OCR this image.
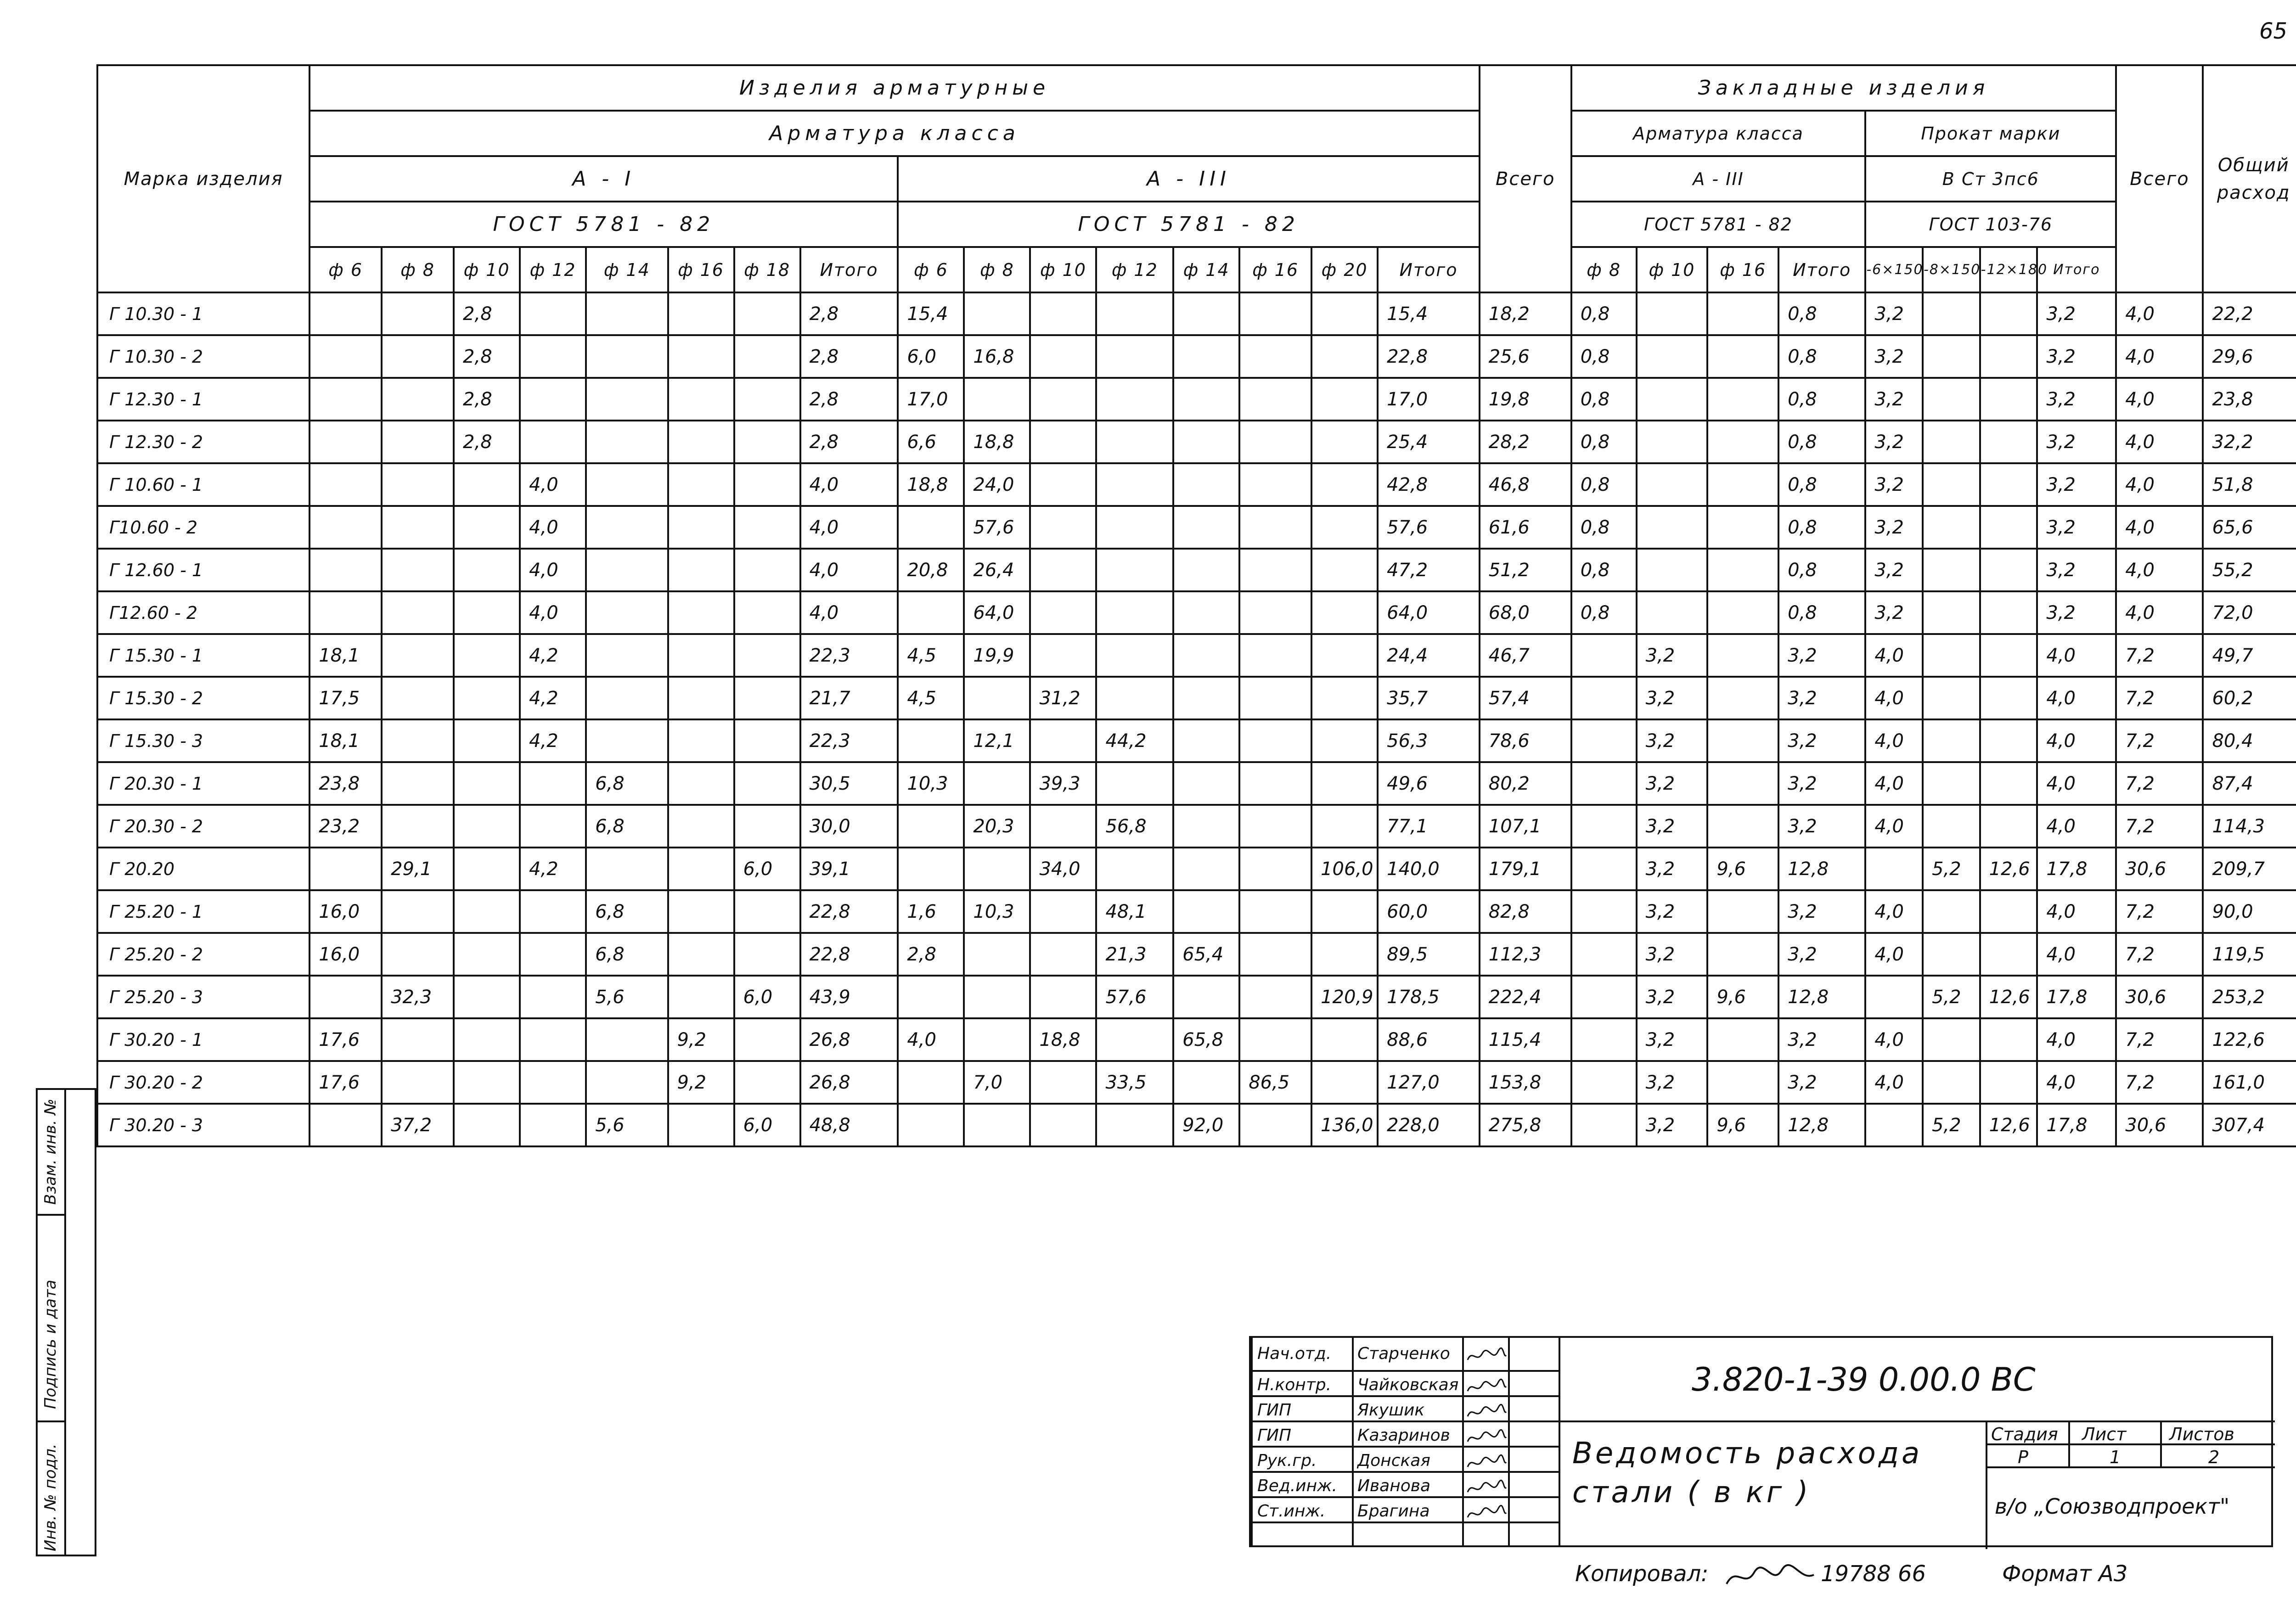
65
Марка изделия	Изделия арматурные																Всего	Закладные изделия								Всего	Общий расход
	Арматура класса																	Арматура класса				Прокат марки					
	А - I								А - III									А - III				В Ст 3пс6					
	ГОСТ 5781 - 82								ГОСТ 5781 - 82									ГОСТ 5781 - 82				ГОСТ 103-76					
	ф 6	ф 8	ф 10	ф 12	ф 14	ф 16	ф 18	Итого	ф 6	ф 8	ф 10	ф 12	ф 14	ф 16	ф 20	Итого		ф 8	ф 10	ф 16	Итого	-6×150	-8×150	-12×180	Итого		
Г 10.30 - 1			2,8					2,8	15,4							15,4	18,2	0,8			0,8	3,2			3,2	4,0	22,2
Г 10.30 - 2			2,8					2,8	6,0	16,8						22,8	25,6	0,8			0,8	3,2			3,2	4,0	29,6
Г 12.30 - 1			2,8					2,8	17,0							17,0	19,8	0,8			0,8	3,2			3,2	4,0	23,8
Г 12.30 - 2			2,8					2,8	6,6	18,8						25,4	28,2	0,8			0,8	3,2			3,2	4,0	32,2
Г 10.60 - 1				4,0				4,0	18,8	24,0						42,8	46,8	0,8			0,8	3,2			3,2	4,0	51,8
Г10.60 - 2				4,0				4,0		57,6						57,6	61,6	0,8			0,8	3,2			3,2	4,0	65,6
Г 12.60 - 1				4,0				4,0	20,8	26,4						47,2	51,2	0,8			0,8	3,2			3,2	4,0	55,2
Г12.60 - 2				4,0				4,0		64,0						64,0	68,0	0,8			0,8	3,2			3,2	4,0	72,0
Г 15.30 - 1	18,1			4,2				22,3	4,5	19,9						24,4	46,7		3,2		3,2	4,0			4,0	7,2	49,7
Г 15.30 - 2	17,5			4,2				21,7	4,5		31,2					35,7	57,4		3,2		3,2	4,0			4,0	7,2	60,2
Г 15.30 - 3	18,1			4,2				22,3		12,1		44,2				56,3	78,6		3,2		3,2	4,0			4,0	7,2	80,4
Г 20.30 - 1	23,8				6,8			30,5	10,3		39,3					49,6	80,2		3,2		3,2	4,0			4,0	7,2	87,4
Г 20.30 - 2	23,2				6,8			30,0		20,3		56,8				77,1	107,1		3,2		3,2	4,0			4,0	7,2	114,3
Г 20.20		29,1		4,2			6,0	39,1			34,0				106,0	140,0	179,1		3,2	9,6	12,8		5,2	12,6	17,8	30,6	209,7
Г 25.20 - 1	16,0				6,8			22,8	1,6	10,3		48,1				60,0	82,8		3,2		3,2	4,0			4,0	7,2	90,0
Г 25.20 - 2	16,0				6,8			22,8	2,8			21,3	65,4			89,5	112,3		3,2		3,2	4,0			4,0	7,2	119,5
Г 25.20 - 3		32,3			5,6		6,0	43,9				57,6			120,9	178,5	222,4		3,2	9,6	12,8		5,2	12,6	17,8	30,6	253,2
Г 30.20 - 1	17,6					9,2		26,8	4,0		18,8		65,8			88,6	115,4		3,2		3,2	4,0			4,0	7,2	122,6
Г 30.20 - 2	17,6					9,2		26,8		7,0		33,5		86,5		127,0	153,8		3,2		3,2	4,0			4,0	7,2	161,0
Г 30.20 - 3		37,2			5,6		6,0	48,8					92,0		136,0	228,0	275,8		3,2	9,6	12,8		5,2	12,6	17,8	30,6	307,4
Взам. инв. №
Подпись и дата
Инв. № подл.
Нач.отд. Старченко
Н.контр. Чайковская
ГИП	Якушик
ГИП	Казаринов
Рук.гр. Донская
Вед.инж. Иванова
Ст.инж. Брагина
3.820-1-39 0.00.0 ВС
Ведомость расхода
стали ( в кг )
Стадия Лист Листов
Р	1	2
в/о „Союзводпроект"
Копировал:	19788 66	Формат А3
